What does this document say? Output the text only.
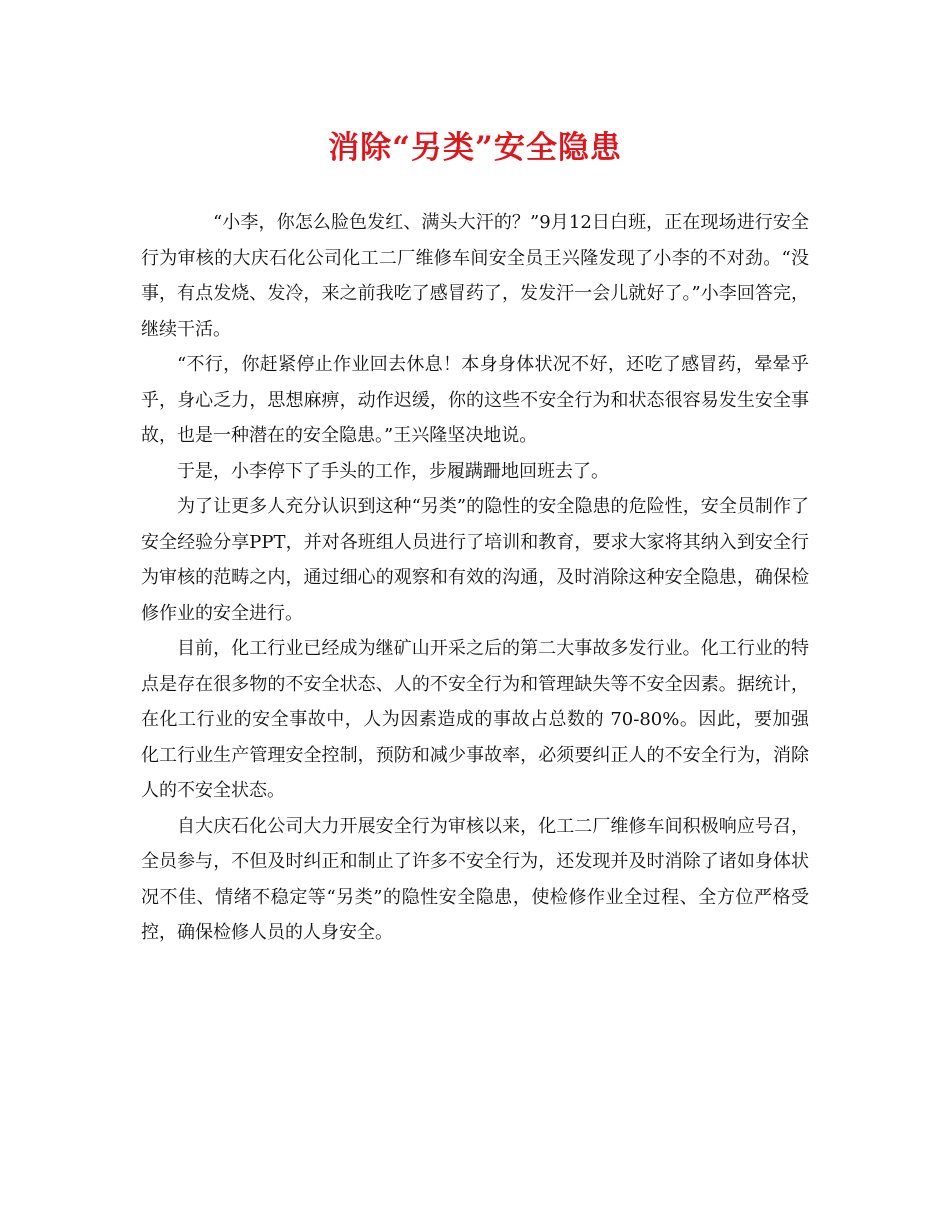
消除“另类”安全隐患

“小李，你怎么脸色发红、满头大汗的？”9月12日白班，正在现场进行安全行为审核的大庆石化公司化工二厂维修车间安全员王兴隆发现了小李的不对劲。“没事，有点发烧、发冷，来之前我吃了感冒药了，发发汗一会儿就好了。”小李回答完，继续干活。

“不行，你赶紧停止作业回去休息！本身身体状况不好，还吃了感冒药，晕晕乎乎，身心乏力，思想麻痹，动作迟缓，你的这些不安全行为和状态很容易发生安全事故，也是一种潜在的安全隐患。”王兴隆坚决地说。

于是，小李停下了手头的工作，步履蹒跚地回班去了。

为了让更多人充分认识到这种“另类”的隐性的安全隐患的危险性，安全员制作了安全经验分享PPT，并对各班组人员进行了培训和教育，要求大家将其纳入到安全行为审核的范畴之内，通过细心的观察和有效的沟通，及时消除这种安全隐患，确保检修作业的安全进行。

目前，化工行业已经成为继矿山开采之后的第二大事故多发行业。化工行业的特点是存在很多物的不安全状态、人的不安全行为和管理缺失等不安全因素。据统计，在化工行业的安全事故中，人为因素造成的事故占总数的 70-80%。因此，要加强化工行业生产管理安全控制，预防和减少事故率，必须要纠正人的不安全行为，消除人的不安全状态。

自大庆石化公司大力开展安全行为审核以来，化工二厂维修车间积极响应号召，全员参与，不但及时纠正和制止了许多不安全行为，还发现并及时消除了诸如身体状况不佳、情绪不稳定等“另类”的隐性安全隐患，使检修作业全过程、全方位严格受控，确保检修人员的人身安全。
